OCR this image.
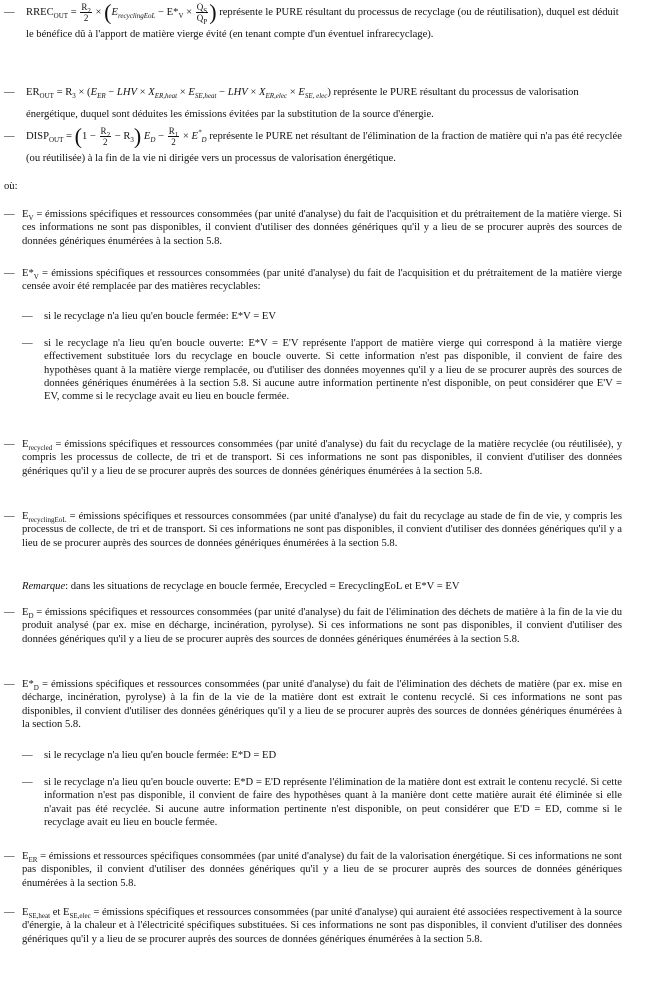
— $RREC_{OUT} = \frac{R_2}{2} \times (E_{recyclingEoL} - E*_V \times \frac{Q_S}{Q_P}$ ) représente le PURE résultant du processus de recyclage (ou de réutilisation), duquel est déduit le bénéfice dû à l'apport de matière vierge évité (en tenant compte d'un éventuel infrarecyclage).
— $ER_{OUT} = R_3 \times (E_{ER}$ − LHV × $X_{ER,heat} \times E_{SE,heat}$ − LHV × $X_{ER,elec} \times E_{SE, elec}$) représente le PURE résultant du processus de valorisation énergétique, duquel sont déduites les émissions évitées par la substitution de la source d'énergie.
— $DISP_{OUT} = (1 - \frac{R_2}{2} - R_3) E_D - \frac{R_1}{2} \times E^*_D$ représente le PURE net résultant de l'élimination de la fraction de matière qui n'a pas été recyclée (ou réutilisée) à la fin de la vie ni dirigée vers un processus de valorisation énergétique.
où:
— $E_V$ = émissions spécifiques et ressources consommées (par unité d'analyse) du fait de l'acquisition et du prétraitement de la matière vierge. Si ces informations ne sont pas disponibles, il convient d'utiliser des données génériques qu'il y a lieu de se procurer auprès des sources de données génériques énumérées à la section 5.8.
— $E*_V$ = émissions spécifiques et ressources consommées (par unité d'analyse) du fait de l'acquisition et du prétraitement de la matière vierge censée avoir été remplacée par des matières recyclables:
— si le recyclage n'a lieu qu'en boucle fermée: E*V = EV
— si le recyclage n'a lieu qu'en boucle ouverte: E*V = E'V représente l'apport de matière vierge qui correspond à la matière vierge effectivement substituée lors du recyclage en boucle ouverte. Si cette information n'est pas disponible, il convient de faire des hypothèses quant à la matière vierge remplacée, ou d'utiliser des données moyennes qu'il y a lieu de se procurer auprès des sources de données génériques énumérées à la section 5.8. Si aucune autre information pertinente n'est disponible, on peut considérer que E'V = EV, comme si le recyclage avait eu lieu en boucle fermée.
— $E_{recycled}$ = émissions spécifiques et ressources consommées (par unité d'analyse) du fait du recyclage de la matière recyclée (ou réutilisée), y compris les processus de collecte, de tri et de transport. Si ces informations ne sont pas disponibles, il convient d'utiliser des données génériques qu'il y a lieu de se procurer auprès des sources de données génériques énumérées à la section 5.8.
— $E_{recyclingEoL}$ = émissions spécifiques et ressources consommées (par unité d'analyse) du fait du recyclage au stade de fin de vie, y compris les processus de collecte, de tri et de transport. Si ces informations ne sont pas disponibles, il convient d'utiliser des données génériques qu'il y a lieu de se procurer auprès des sources de données génériques énumérées à la section 5.8.
Remarque: dans les situations de recyclage en boucle fermée, Erecycled = ErecyclingEoL et E*V = EV
— $E_D$ = émissions spécifiques et ressources consommées (par unité d'analyse) du fait de l'élimination des déchets de matière à la fin de la vie du produit analysé (par ex. mise en décharge, incinération, pyrolyse). Si ces informations ne sont pas disponibles, il convient d'utiliser des données génériques qu'il y a lieu de se procurer auprès des sources de données génériques énumérées à la section 5.8.
— $E*_D$ = émissions spécifiques et ressources consommées (par unité d'analyse) du fait de l'élimination des déchets de matière (par ex. mise en décharge, incinération, pyrolyse) à la fin de la vie de la matière dont est extrait le contenu recyclé. Si ces informations ne sont pas disponibles, il convient d'utiliser des données génériques qu'il y a lieu de se procurer auprès des sources de données génériques énumérées à la section 5.8.
— si le recyclage n'a lieu qu'en boucle fermée: E*D = ED
— si le recyclage n'a lieu qu'en boucle ouverte: E*D = E'D représente l'élimination de la matière dont est extrait le contenu recyclé. Si cette information n'est pas disponible, il convient de faire des hypothèses quant à la manière dont cette matière aurait été éliminée si elle n'avait pas été recyclée. Si aucune autre information pertinente n'est disponible, on peut considérer que E'D = ED, comme si le recyclage avait eu lieu en boucle fermée.
— $E_{ER}$ = émissions et ressources spécifiques consommées (par unité d'analyse) du fait de la valorisation énergétique. Si ces informations ne sont pas disponibles, il convient d'utiliser des données génériques qu'il y a lieu de se procurer auprès des sources de données génériques énumérées à la section 5.8.
— $E_{SE,heat}$ et $E_{SE,elec}$ = émissions spécifiques et ressources consommées (par unité d'analyse) qui auraient été associées respectivement à la source d'énergie, à la chaleur et à l'électricité spécifiques substituées. Si ces informations ne sont pas disponibles, il convient d'utiliser des données génériques qu'il y a lieu de se procurer auprès des sources de données génériques énumérées à la section 5.8.
